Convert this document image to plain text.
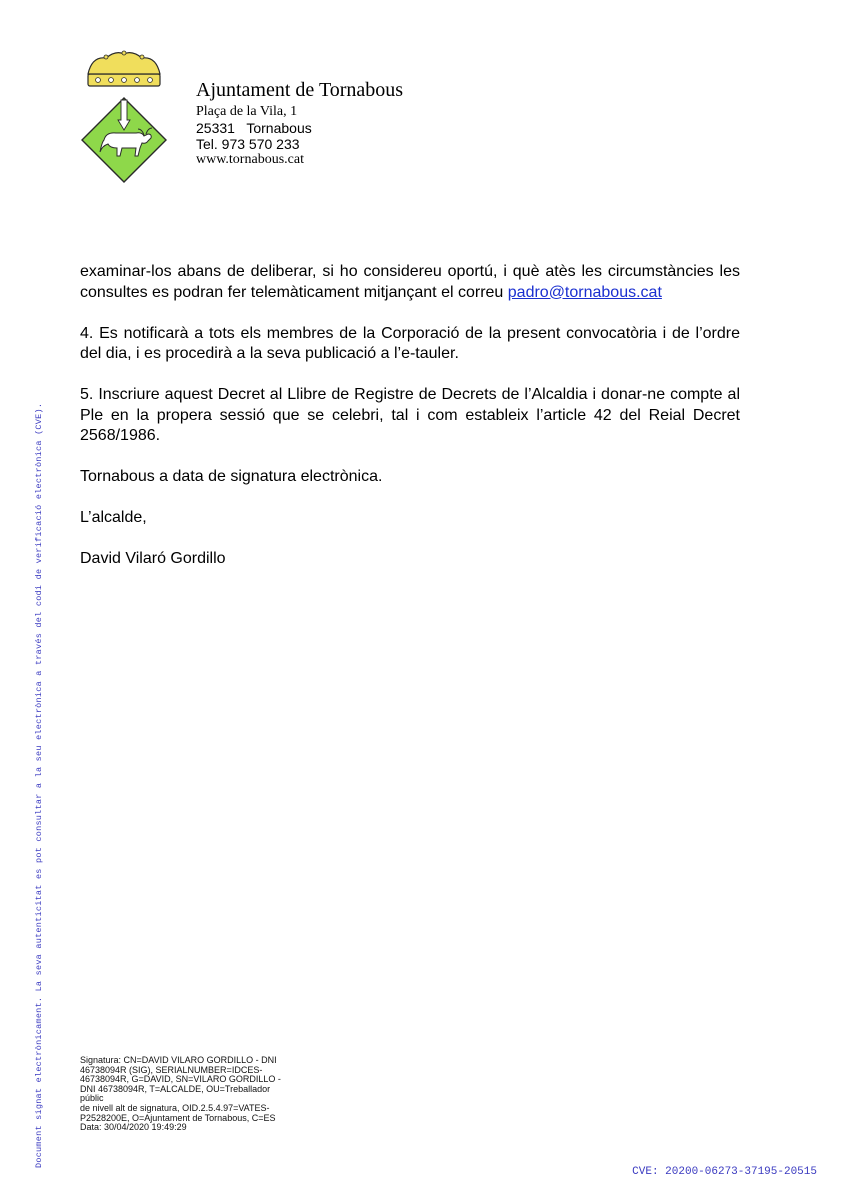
Ajuntament de Tornabous
Plaça de la Vila, 1
25331   Tornabous
Tel. 973 570 233
www.tornabous.cat

examinar-los abans de deliberar, si ho considereu oportú, i què atès les circumstàncies les consultes es podran fer telemàticament mitjançant el correu padro@tornabous.cat

4. Es notificarà a tots els membres de la Corporació de la present convocatòria i de l’ordre del dia, i es procedirà a la seva publicació a l’e-tauler.

5. Inscriure aquest Decret al Llibre de Registre de Decrets de l’Alcaldia i donar-ne compte al Ple en la propera sessió que se celebri, tal i com estableix l’article 42 del Reial Decret 2568/1986.

Tornabous a data de signatura electrònica.

L’alcalde,

David Vilaró Gordillo

Signatura: CN=DAVID VILARO GORDILLO - DNI
46738094R (SIG), SERIALNUMBER=IDCES-
46738094R, G=DAVID, SN=VILARO GORDILLO -
DNI 46738094R, T=ALCALDE, OU=Treballador públic
de nivell alt de signatura, OID.2.5.4.97=VATES-
P2528200E, O=Ajuntament de Tornabous, C=ES
Data: 30/04/2020 19:49:29
Document signat electrònicament. La seva autenticitat es pot consultar a la seu electrònica a través del codi de verificació electrònica (CVE).
CVE: 20200-06273-37195-20515
